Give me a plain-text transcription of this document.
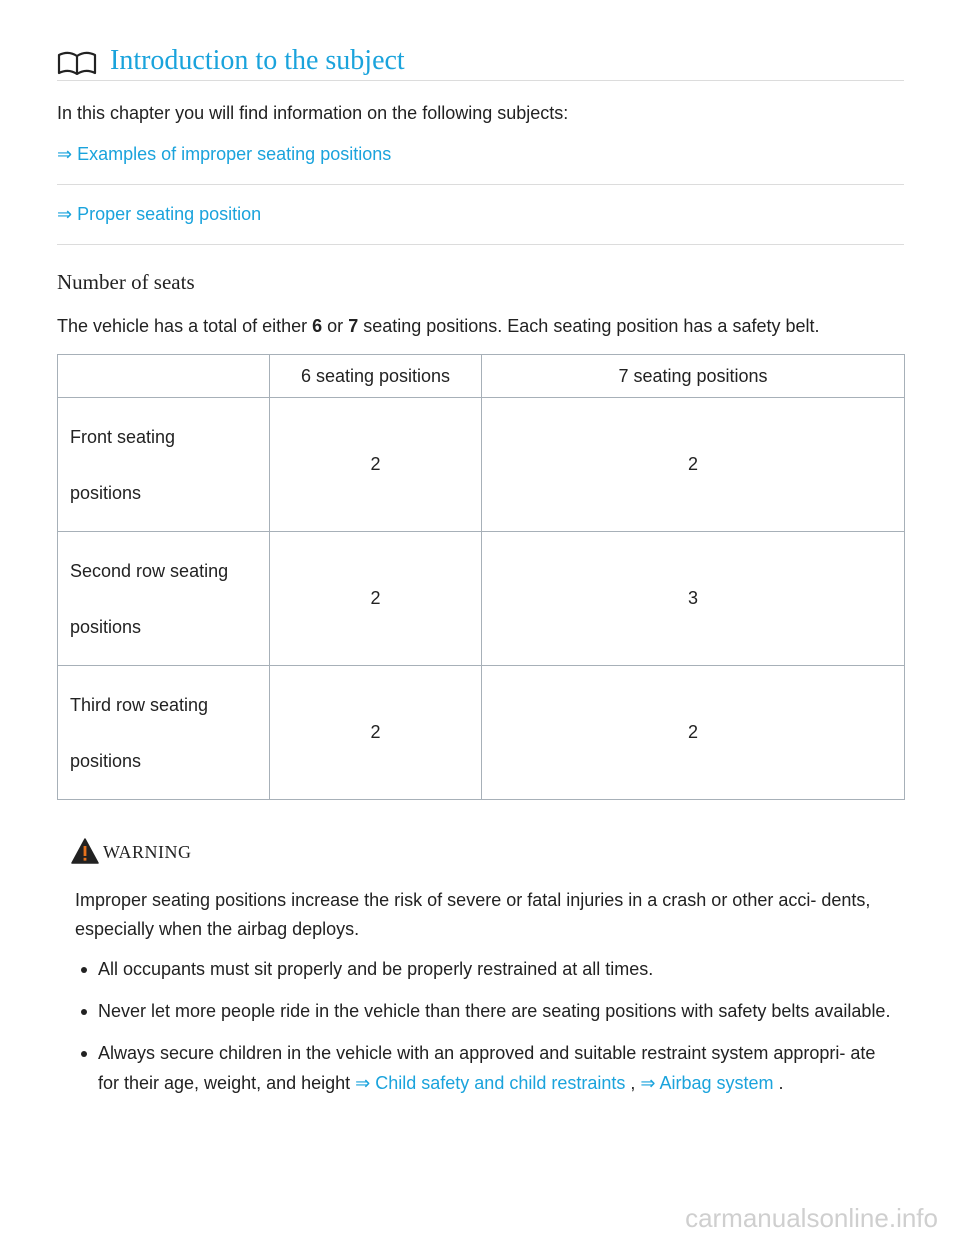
Introduction to the subject
In this chapter you will find information on the following subjects:
⇒ Examples of improper seating positions
⇒ Proper seating position
Number of seats
The vehicle has a total of either 6 or 7 seating positions. Each seating position has a safety belt.
	6 seating positions	7 seating positions
Front seating
positions	2	2
Second row seating
positions	2	3
Third row seating
positions	2	2
WARNING
Improper seating positions increase the risk of severe or fatal injuries in a crash or other acci- dents, especially when the airbag deploys.
All occupants must sit properly and be properly restrained at all times.
Never let more people ride in the vehicle than there are seating positions with safety belts available.
Always secure children in the vehicle with an approved and suitable restraint system appropri- ate for their age, weight, and height ⇒ Child safety and child restraints , ⇒ Airbag system .
carmanualsonline.info
